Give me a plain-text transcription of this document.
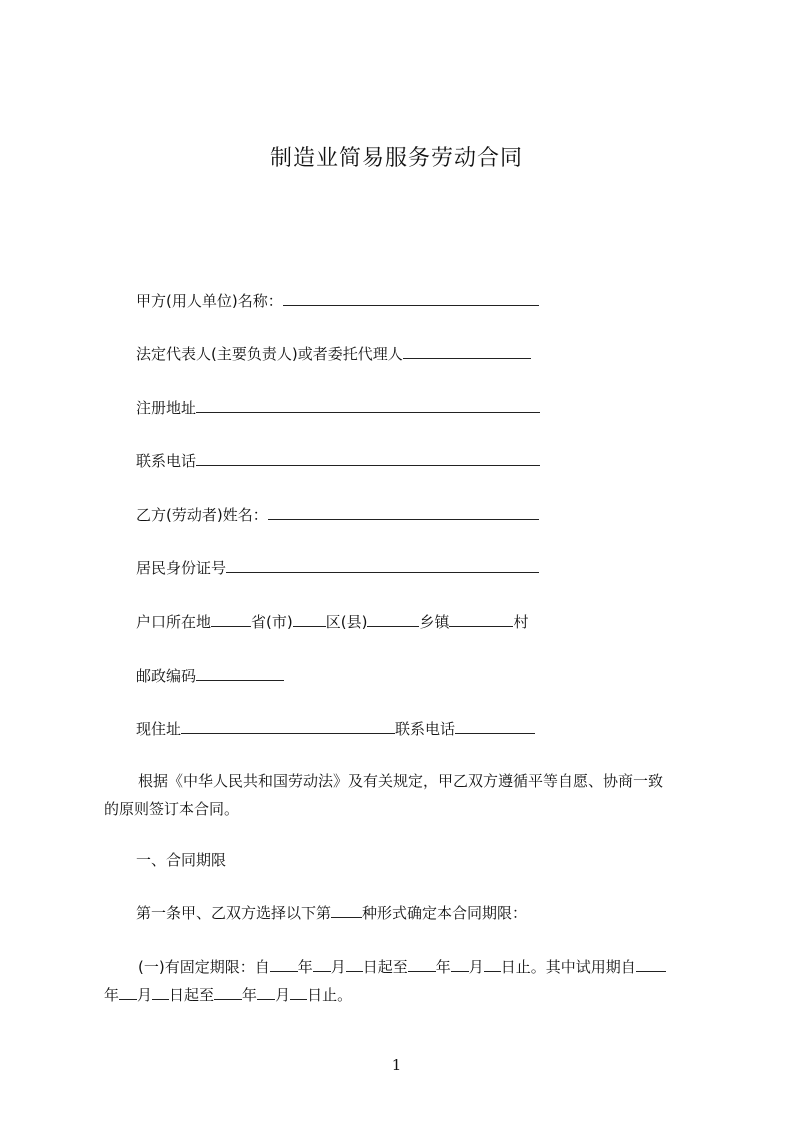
制造业简易服务劳动合同
甲方(用人单位)名称：
法定代表人(主要负责人)或者委托代理人
注册地址
联系电话
乙方(劳动者)姓名：
居民身份证号
户口所在地	省(市) 区(县)	乡镇	村
邮政编码
现住址	联系电话
根据《中华人民共和国劳动法》及有关规定，甲乙双方遵循平等自愿、协商一致
的原则签订本合同。
一、合同期限
第一条甲、乙双方选择以下第 种形式确定本合同期限：
(一)有固定期限：自 年 月 日起至 年 月 日止。其中试用期自
年 月 日起至 年 月 日止。
1
